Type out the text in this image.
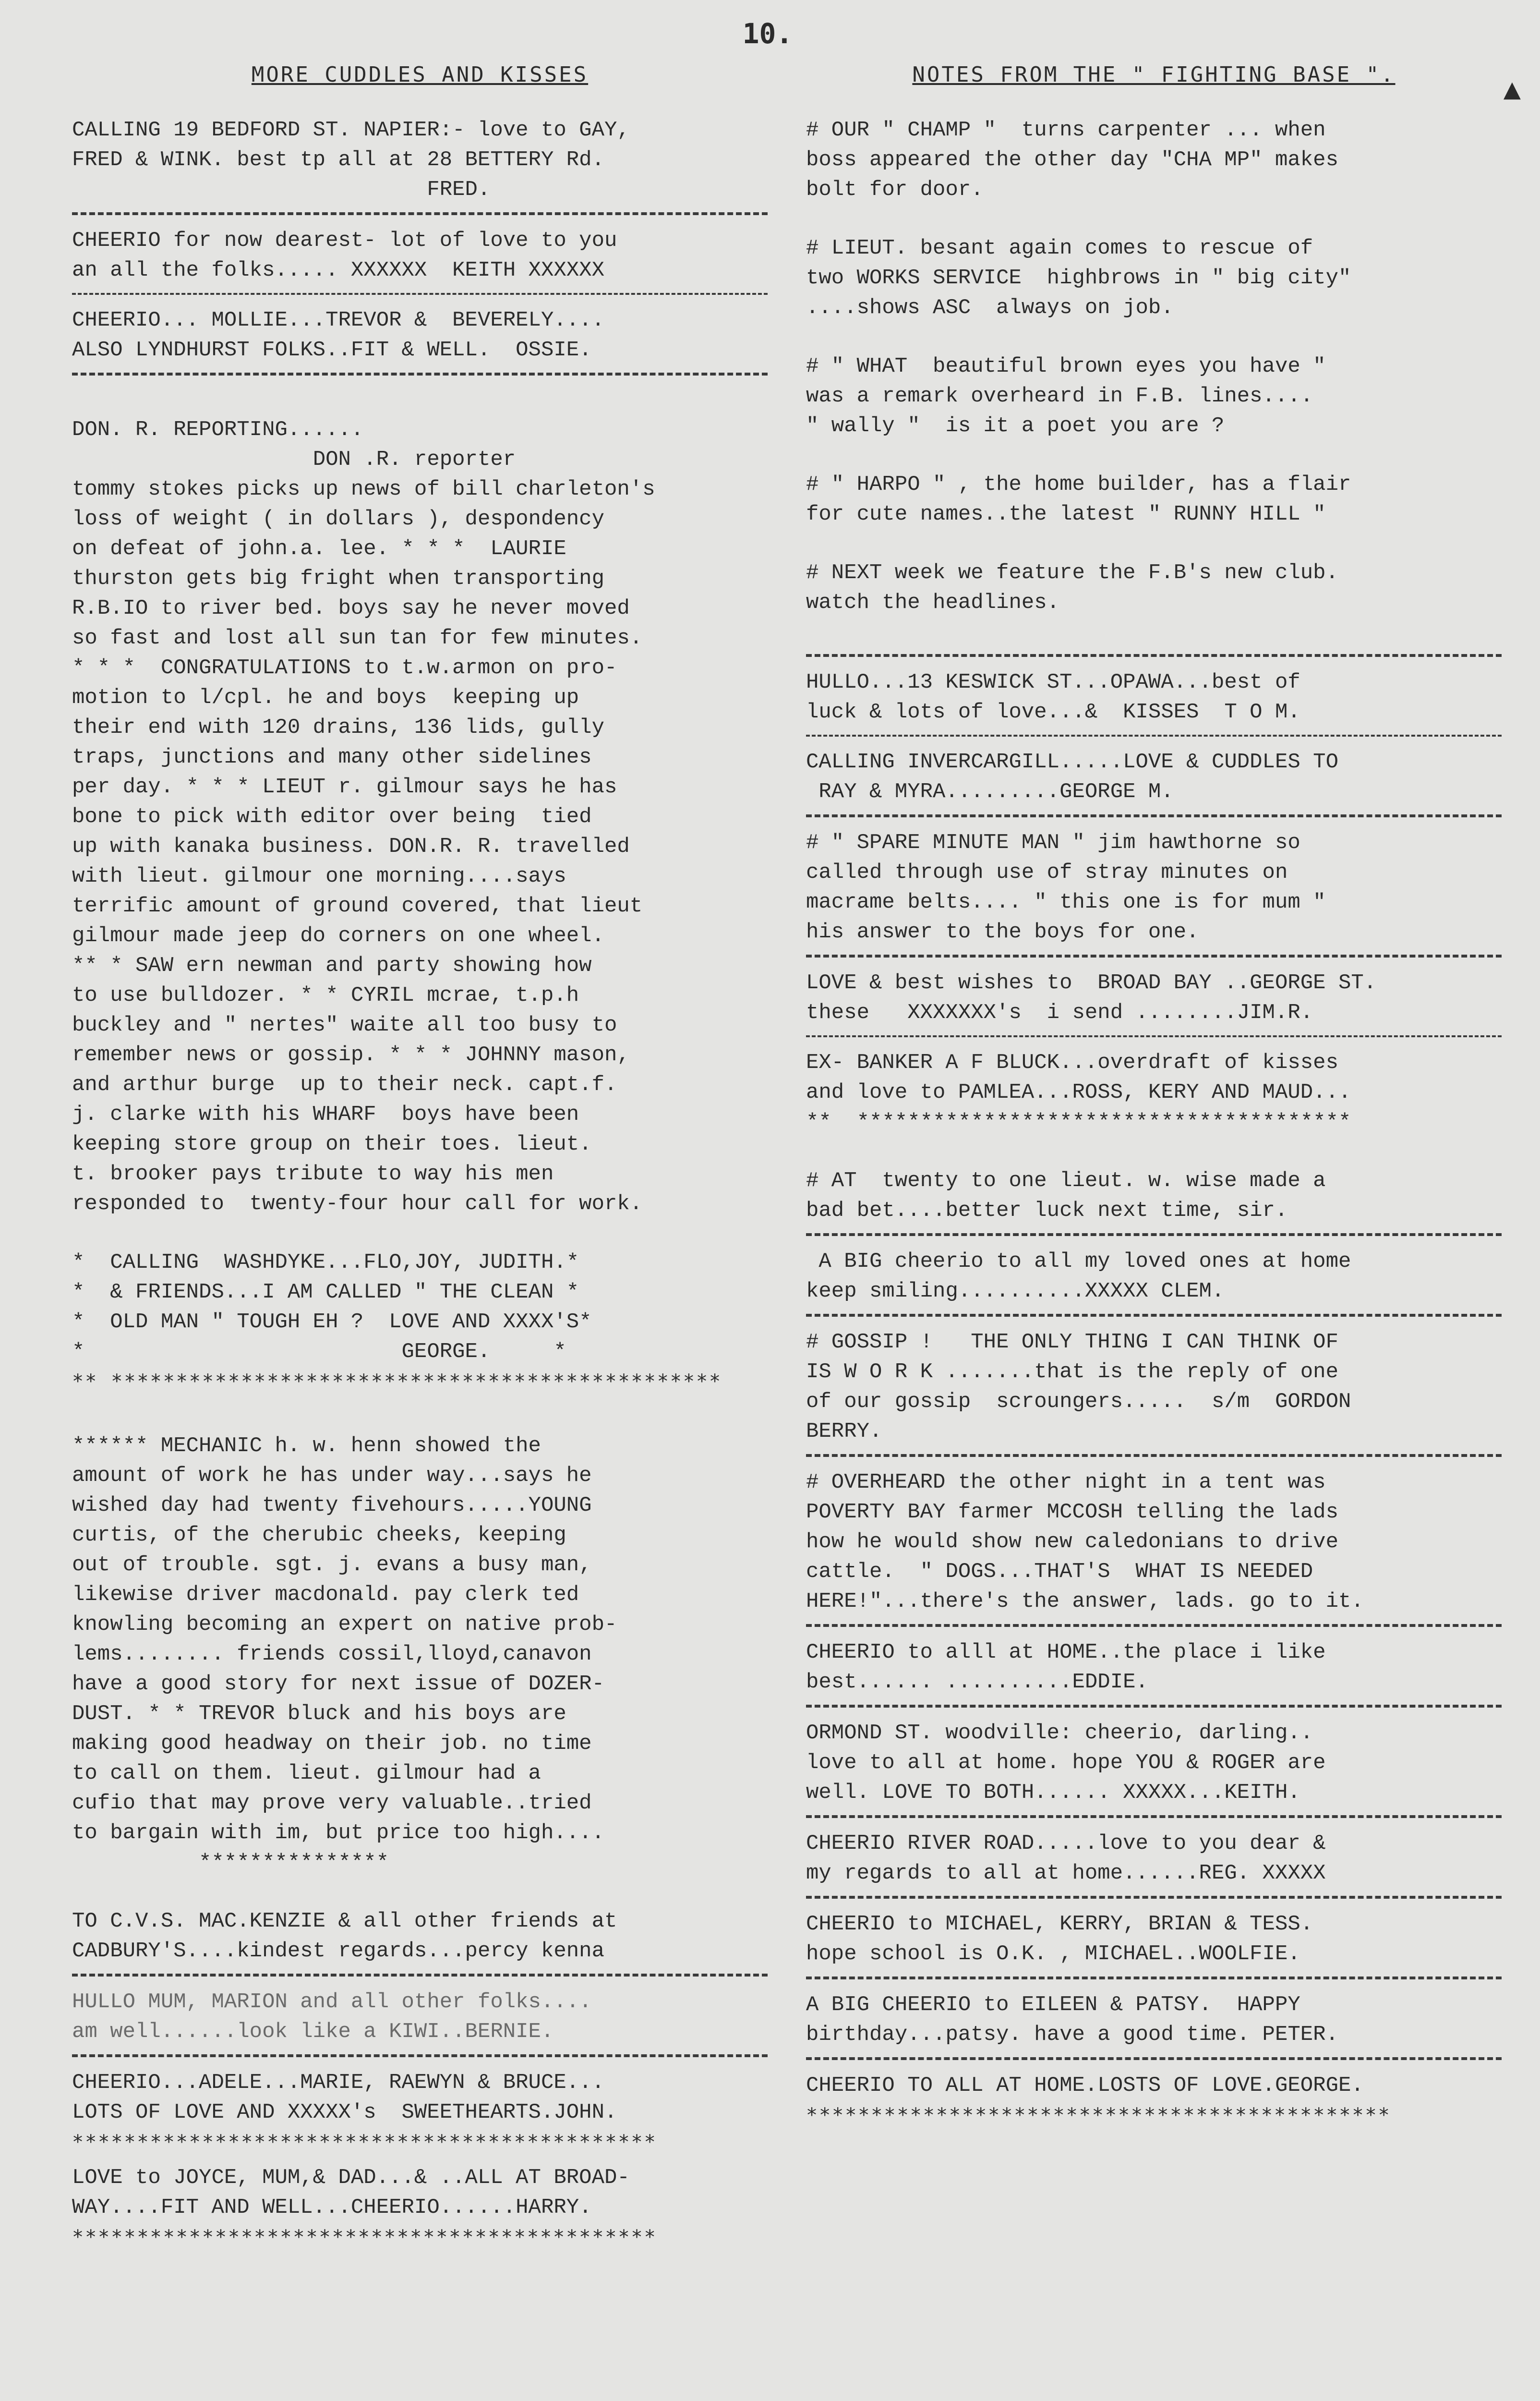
10.
▲
MORE CUDDLES AND KISSES
CALLING 19 BEDFORD ST. NAPIER:- love to GAY,
FRED & WINK. best tp all at 28 BETTERY Rd.
FRED.
CHEERIO for now dearest- lot of love to you
an all the folks..... XXXXXX  KEITH XXXXXX
CHEERIO... MOLLIE...TREVOR &  BEVERELY....
ALSO LYNDHURST FOLKS..FIT & WELL.  OSSIE.
DON. R. REPORTING......
DON .R. reporter
tommy stokes picks up news of bill charleton's
loss of weight ( in dollars ), despondency
on defeat of john.a. lee. * * *  LAURIE
thurston gets big fright when transporting
R.B.IO to river bed. boys say he never moved
so fast and lost all sun tan for few minutes.
* * *  CONGRATULATIONS to t.w.armon on pro-
motion to l/cpl. he and boys  keeping up
their end with 120 drains, 136 lids, gully
traps, junctions and many other sidelines
per day. * * * LIEUT r. gilmour says he has
bone to pick with editor over being  tied
up with kanaka business. DON.R. R. travelled
with lieut. gilmour one morning....says
terrific amount of ground covered, that lieut
gilmour made jeep do corners on one wheel.
** * SAW ern newman and party showing how
to use bulldozer. * * CYRIL mcrae, t.p.h
buckley and " nertes" waite all too busy to
remember news or gossip. * * * JOHNNY mason,
and arthur burge  up to their neck. capt.f.
j. clarke with his WHARF  boys have been
keeping store group on their toes. lieut.
t. brooker pays tribute to way his men
responded to  twenty-four hour call for work.
*  CALLING  WASHDYKE...FLO,JOY, JUDITH.*
*  & FRIENDS...I AM CALLED " THE CLEAN *
*  OLD MAN " TOUGH EH ?  LOVE AND XXXX'S*
*                         GEORGE.     *
** ***********************************************
****** MECHANIC h. w. henn showed the
amount of work he has under way...says he
wished day had twenty fivehours.....YOUNG
curtis, of the cherubic cheeks, keeping
out of trouble. sgt. j. evans a busy man,
likewise driver macdonald. pay clerk ted
knowling becoming an expert on native prob-
lems........ friends cossil,lloyd,canavon
have a good story for next issue of DOZER-
DUST. * * TREVOR bluck and his boys are
making good headway on their job. no time
to call on them. lieut. gilmour had a
cufio that may prove very valuable..tried
to bargain with im, but price too high....
***************
TO C.V.S. MAC.KENZIE & all other friends at
CADBURY'S....kindest regards...percy kenna
HULLO MUM, MARION and all other folks....
am well......look like a KIWI..BERNIE.
CHEERIO...ADELE...MARIE, RAEWYN & BRUCE...
LOTS OF LOVE AND XXXXX's  SWEETHEARTS.JOHN.
*********************************************
LOVE to JOYCE, MUM,& DAD...& ..ALL AT BROAD-
WAY....FIT AND WELL...CHEERIO......HARRY.
*********************************************
NOTES FROM THE " FIGHTING BASE ".
# OUR " CHAMP "  turns carpenter ... when
boss appeared the other day "CHA MP" makes
bolt for door.
# LIEUT. besant again comes to rescue of
two WORKS SERVICE  highbrows in " big city"
....shows ASC  always on job.
# " WHAT  beautiful brown eyes you have "
was a remark overheard in F.B. lines....
" wally "  is it a poet you are ?
# " HARPO " , the home builder, has a flair
for cute names..the latest " RUNNY HILL "
# NEXT week we feature the F.B's new club.
watch the headlines.
HULLO...13 KESWICK ST...OPAWA...best of
luck & lots of love...&  KISSES  T O M.
CALLING INVERCARGILL.....LOVE & CUDDLES TO
RAY & MYRA.........GEORGE M.
# " SPARE MINUTE MAN " jim hawthorne so
called through use of stray minutes on
macrame belts.... " this one is for mum "
his answer to the boys for one.
LOVE & best wishes to  BROAD BAY ..GEORGE ST.
these   XXXXXXX's  i send ........JIM.R.
EX- BANKER A F BLUCK...overdraft of kisses
and love to PAMLEA...ROSS, KERY AND MAUD...
**  ***************************************
# AT  twenty to one lieut. w. wise made a
bad bet....better luck next time, sir.
A BIG cheerio to all my loved ones at home
keep smiling..........XXXXX CLEM.
# GOSSIP !   THE ONLY THING I CAN THINK OF
IS W O R K .......that is the reply of one
of our gossip  scroungers.....  s/m  GORDON
BERRY.
# OVERHEARD the other night in a tent was
POVERTY BAY farmer MCCOSH telling the lads
how he would show new caledonians to drive
cattle.  " DOGS...THAT'S  WHAT IS NEEDED
HERE!"...there's the answer, lads. go to it.
CHEERIO to alll at HOME..the place i like
best...... ..........EDDIE.
ORMOND ST. woodville: cheerio, darling..
love to all at home. hope YOU & ROGER are
well. LOVE TO BOTH...... XXXXX...KEITH.
CHEERIO RIVER ROAD.....love to you dear &
my regards to all at home......REG. XXXXX
CHEERIO to MICHAEL, KERRY, BRIAN & TESS.
hope school is O.K. , MICHAEL..WOOLFIE.
A BIG CHEERIO to EILEEN & PATSY.  HAPPY
birthday...patsy. have a good time. PETER.
CHEERIO TO ALL AT HOME.LOSTS OF LOVE.GEORGE.
*********************************************
